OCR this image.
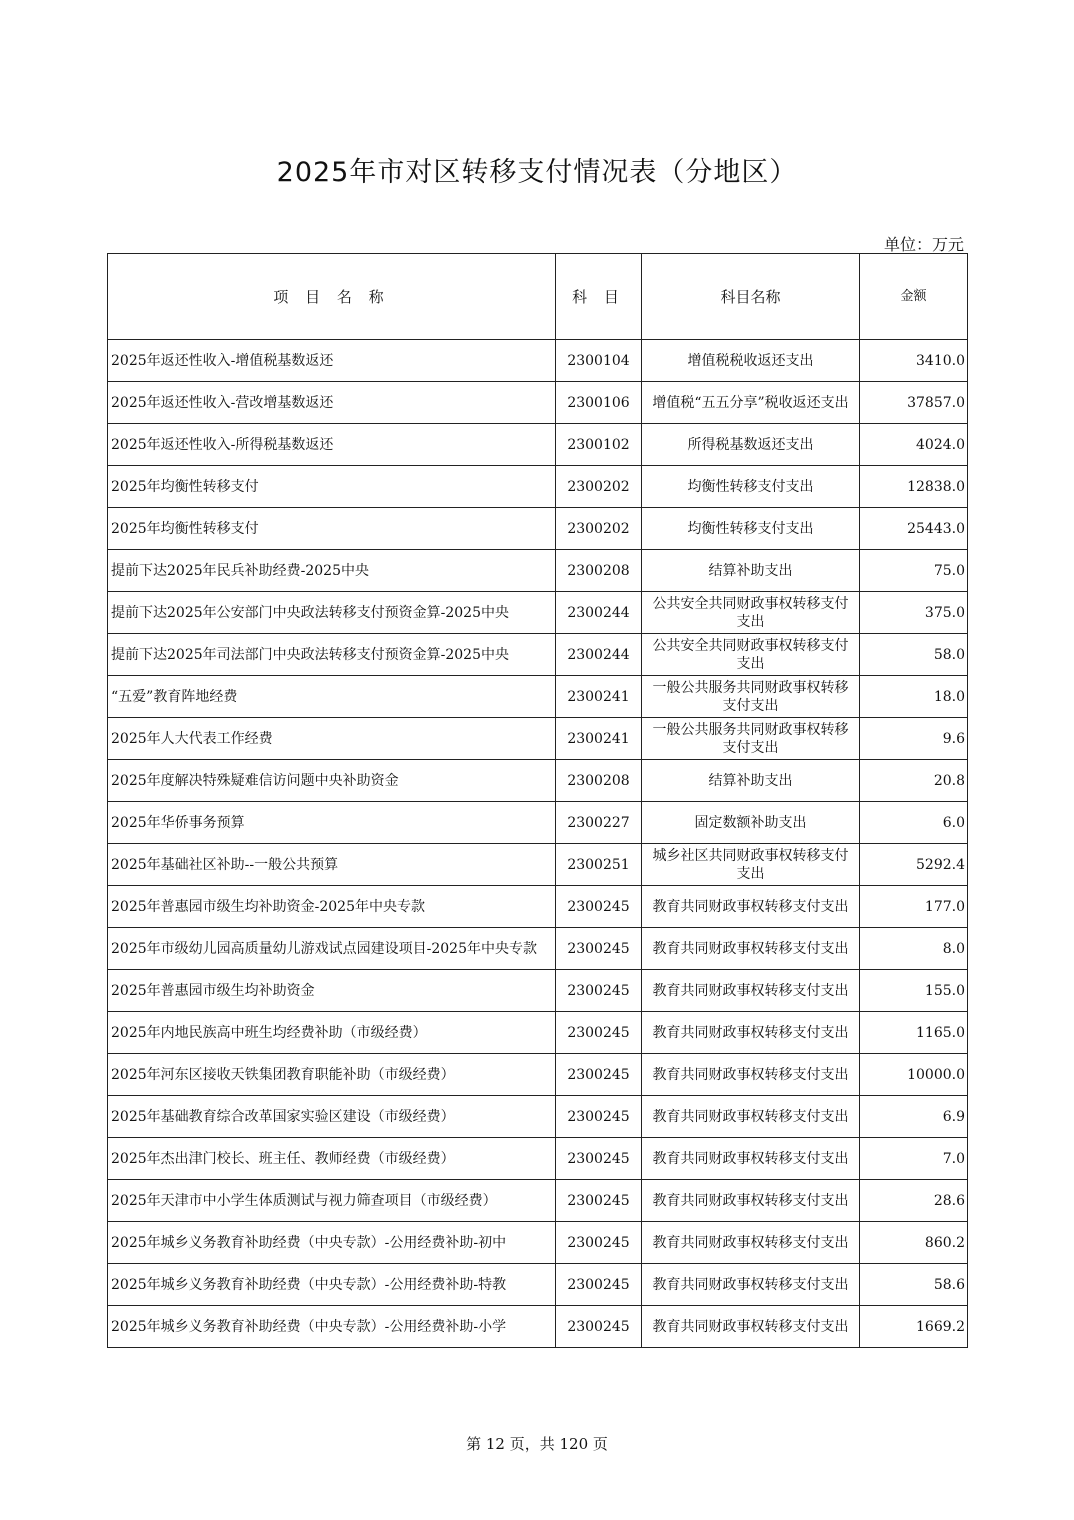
2025年市对区转移支付情况表（分地区）
单位：万元
项 目 名 称	科 目	科目名称	金额
2025年返还性收入-增值税基数返还	2300104	增值税税收返还支出	3410.0
2025年返还性收入-营改增基数返还	2300106	增值税“五五分享”税收返还支出	37857.0
2025年返还性收入-所得税基数返还	2300102	所得税基数返还支出	4024.0
2025年均衡性转移支付	2300202	均衡性转移支付支出	12838.0
2025年均衡性转移支付	2300202	均衡性转移支付支出	25443.0
提前下达2025年民兵补助经费-2025中央	2300208	结算补助支出	75.0
提前下达2025年公安部门中央政法转移支付预资金算-2025中央	2300244	公共安全共同财政事权转移支付支出	375.0
提前下达2025年司法部门中央政法转移支付预资金算-2025中央	2300244	公共安全共同财政事权转移支付支出	58.0
“五爱”教育阵地经费	2300241	一般公共服务共同财政事权转移支付支出	18.0
2025年人大代表工作经费	2300241	一般公共服务共同财政事权转移支付支出	9.6
2025年度解决特殊疑难信访问题中央补助资金	2300208	结算补助支出	20.8
2025年华侨事务预算	2300227	固定数额补助支出	6.0
2025年基础社区补助--一般公共预算	2300251	城乡社区共同财政事权转移支付支出	5292.4
2025年普惠园市级生均补助资金-2025年中央专款	2300245	教育共同财政事权转移支付支出	177.0
2025年市级幼儿园高质量幼儿游戏试点园建设项目-2025年中央专款	2300245	教育共同财政事权转移支付支出	8.0
2025年普惠园市级生均补助资金	2300245	教育共同财政事权转移支付支出	155.0
2025年内地民族高中班生均经费补助（市级经费）	2300245	教育共同财政事权转移支付支出	1165.0
2025年河东区接收天铁集团教育职能补助（市级经费）	2300245	教育共同财政事权转移支付支出	10000.0
2025年基础教育综合改革国家实验区建设（市级经费）	2300245	教育共同财政事权转移支付支出	6.9
2025年杰出津门校长、班主任、教师经费（市级经费）	2300245	教育共同财政事权转移支付支出	7.0
2025年天津市中小学生体质测试与视力筛查项目（市级经费）	2300245	教育共同财政事权转移支付支出	28.6
2025年城乡义务教育补助经费（中央专款）-公用经费补助-初中	2300245	教育共同财政事权转移支付支出	860.2
2025年城乡义务教育补助经费（中央专款）-公用经费补助-特教	2300245	教育共同财政事权转移支付支出	58.6
2025年城乡义务教育补助经费（中央专款）-公用经费补助-小学	2300245	教育共同财政事权转移支付支出	1669.2
第 12 页，共 120 页
